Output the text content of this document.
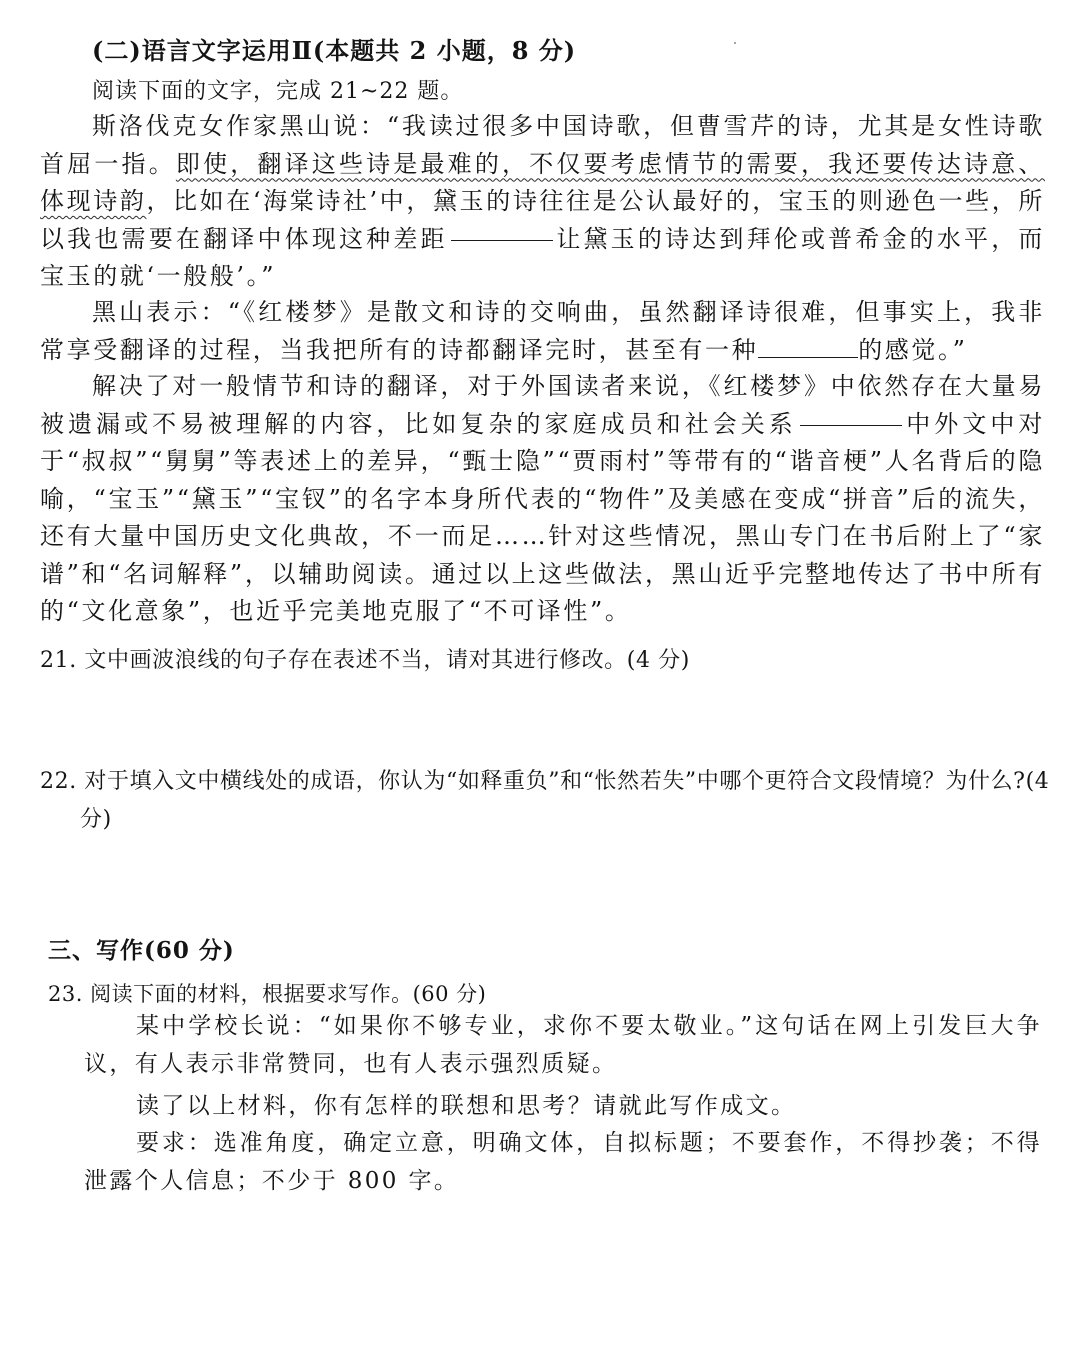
(二)语言文字运用Ⅱ(本题共 2 小题，8 分)

阅读下面的文字，完成 21~22 题。

斯洛伐克女作家黑山说：“我读过很多中国诗歌，但曹雪芹的诗，尤其是女性诗歌首屈一指。即使，翻译这些诗是最难的，不仅要考虑情节的需要，我还要传达诗意、体现诗韵，比如在‘海棠诗社’中，黛玉的诗往往是公认最好的，宝玉的则逊色一些，所以我也需要在翻译中体现这种差距	让黛玉的诗达到拜伦或普希金的水平，而宝玉的就‘一般般’。”

黑山表示：“《红楼梦》是散文和诗的交响曲，虽然翻译诗很难，但事实上，我非常享受翻译的过程，当我把所有的诗都翻译完时，甚至有一种	的感觉。”

解决了对一般情节和诗的翻译，对于外国读者来说，《红楼梦》中依然存在大量易被遗漏或不易被理解的内容，比如复杂的家庭成员和社会关系	中外文中对于“叔叔”“舅舅”等表述上的差异，“甄士隐”“贾雨村”等带有的“谐音梗”人名背后的隐喻，“宝玉”“黛玉”“宝钗”的名字本身所代表的“物件”及美感在变成“拼音”后的流失，还有大量中国历史文化典故，不一而足……针对这些情况，黑山专门在书后附上了“家谱”和“名词解释”，以辅助阅读。通过以上这些做法，黑山近乎完整地传达了书中所有的“文化意象”，也近乎完美地克服了“不可译性”。

21. 文中画波浪线的句子存在表述不当，请对其进行修改。(4 分)

22. 对于填入文中横线处的成语，你认为“如释重负”和“怅然若失”中哪个更符合文段情境？为什么?(4 分)

三、写作(60 分)

23. 阅读下面的材料，根据要求写作。(60 分)

某中学校长说：“如果你不够专业，求你不要太敬业。”这句话在网上引发巨大争议，有人表示非常赞同，也有人表示强烈质疑。

读了以上材料，你有怎样的联想和思考？请就此写作成文。

要求：选准角度，确定立意，明确文体，自拟标题；不要套作，不得抄袭；不得泄露个人信息；不少于 800 字。
